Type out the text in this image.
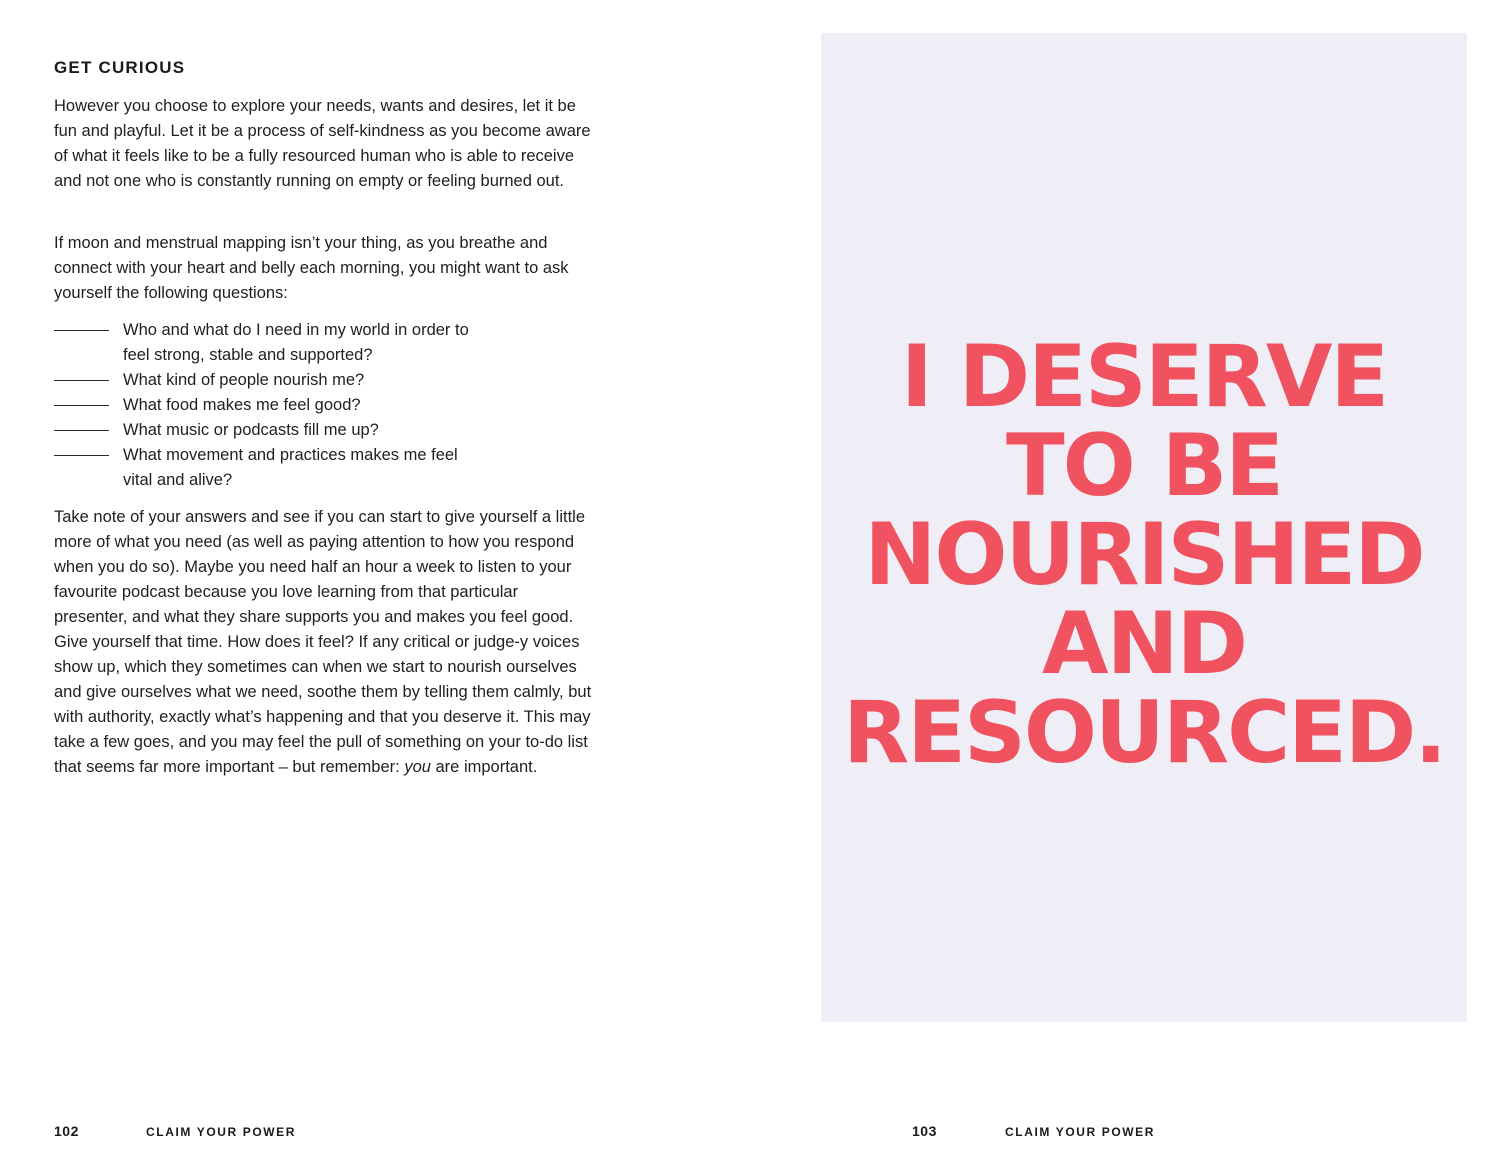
GET CURIOUS

However you choose to explore your needs, wants and desires, let it be fun and playful. Let it be a process of self-kindness as you become aware of what it feels like to be a fully resourced human who is able to receive and not one who is constantly running on empty or feeling burned out.

If moon and menstrual mapping isn’t your thing, as you breathe and connect with your heart and belly each morning, you might want to ask yourself the following questions:

Who and what do I need in my world in order to feel strong, stable and supported?
What kind of people nourish me?
What food makes me feel good?
What music or podcasts fill me up?
What movement and practices makes me feel vital and alive?

Take note of your answers and see if you can start to give yourself a little more of what you need (as well as paying attention to how you respond when you do so). Maybe you need half an hour a week to listen to your favourite podcast because you love learning from that particular presenter, and what they share supports you and makes you feel good. Give yourself that time. How does it feel? If any critical or judge-y voices show up, which they sometimes can when we start to nourish ourselves and give ourselves what we need, soothe them by telling them calmly, but with authority, exactly what’s happening and that you deserve it. This may take a few goes, and you may feel the pull of something on your to-do list that seems far more important – but remember: you are important.

102	CLAIM YOUR POWER
I DESERVE
TO BE
NOURISHED
AND
RESOURCED.
103	CLAIM YOUR POWER
